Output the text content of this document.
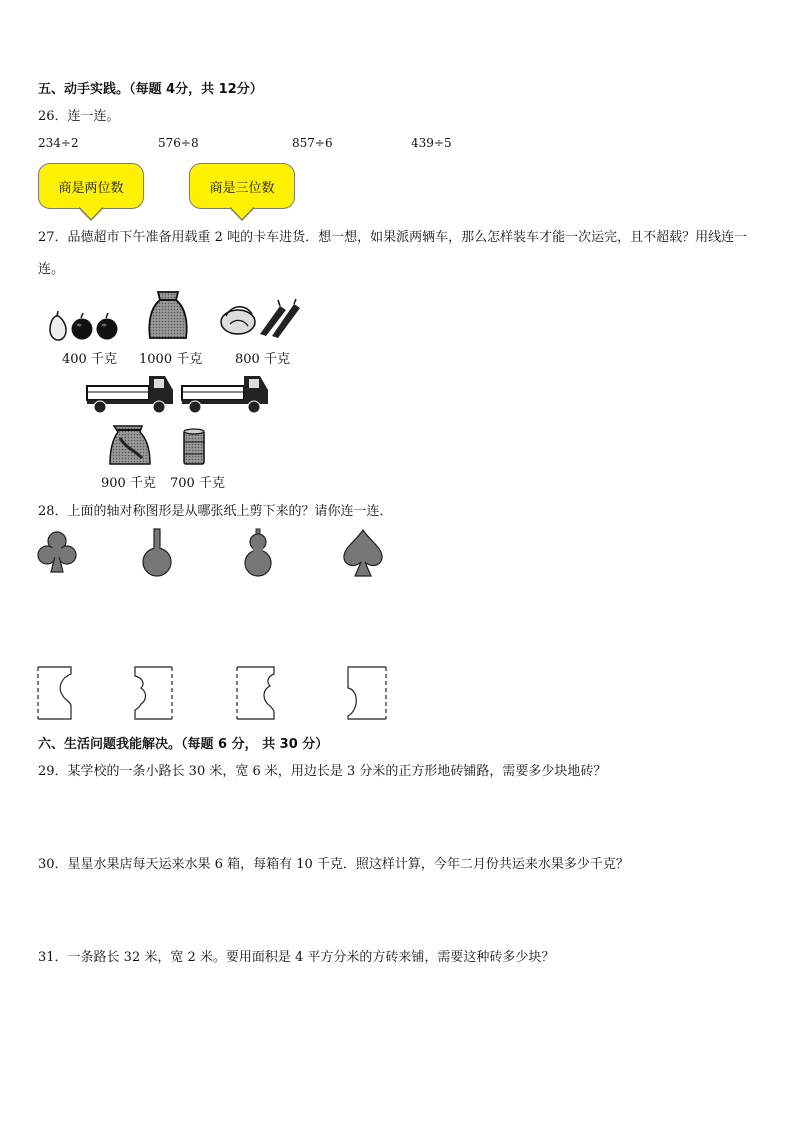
五、动手实践。（每题 4分，共 12分）
26．连一连。
234÷2	576÷8	857÷6	439÷5
商是两位数	商是三位数
27．品德超市下午准备用载重 2 吨的卡车进货．想一想，如果派两辆车，那么怎样装车才能一次运完，且不超载？用线连一连。
400 千克 1000 千克	800 千克
900 千克 700 千克
28．上面的轴对称图形是从哪张纸上剪下来的？请你连一连．
六、生活问题我能解决。（每题 6 分， 共 30 分）
29．某学校的一条小路长 30 米，宽 6 米，用边长是 3 分米的正方形地砖铺路，需要多少块地砖？
30．星星水果店每天运来水果 6 箱，每箱有 10 千克．照这样计算，今年二月份共运来水果多少千克？
31．一条路长 32 米，宽 2 米。要用面积是 4 平方分米的方砖来铺，需要这种砖多少块？
